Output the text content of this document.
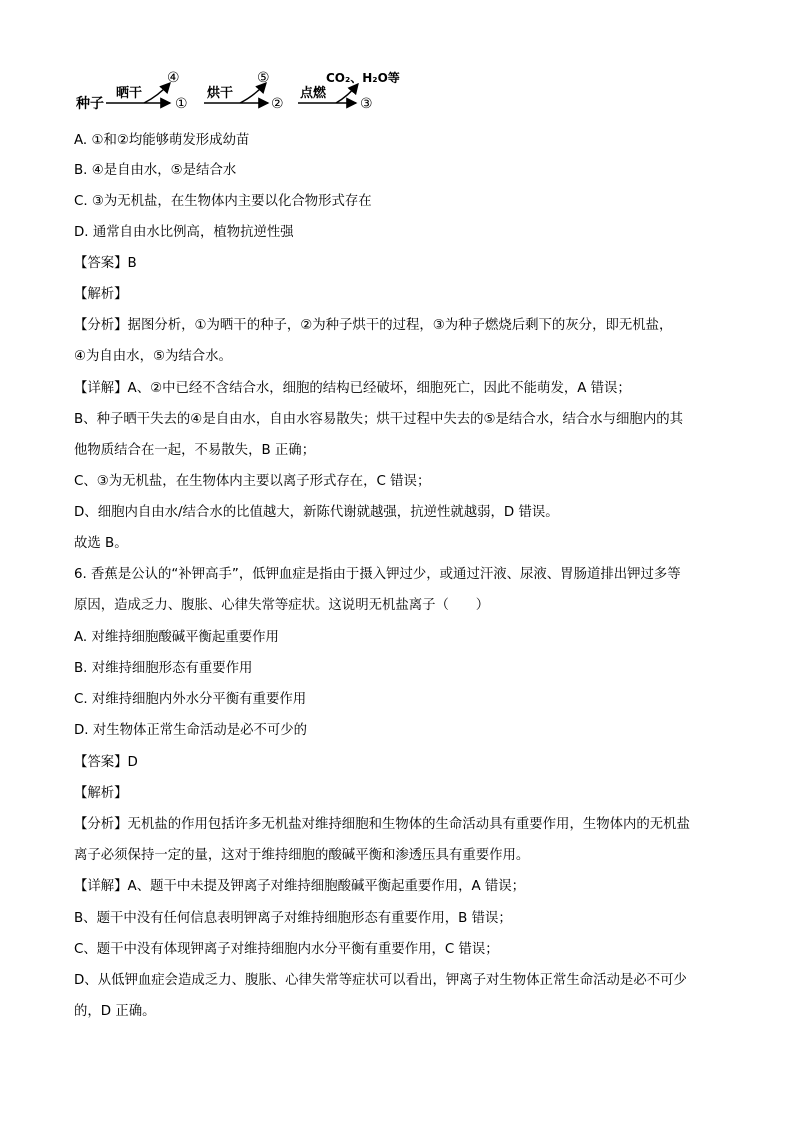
种子
晒干
④
①
烘干
⑤
②
点燃
CO₂、H₂O等
③
A. ①和②均能够萌发形成幼苗
B. ④是自由水，⑤是结合水
C. ③为无机盐，在生物体内主要以化合物形式存在
D. 通常自由水比例高，植物抗逆性强
【答案】B
【解析】
【分析】据图分析，①为晒干的种子，②为种子烘干的过程，③为种子燃烧后剩下的灰分，即无机盐，
④为自由水，⑤为结合水。
【详解】A、②中已经不含结合水，细胞的结构已经破坏，细胞死亡，因此不能萌发，A 错误；
B、种子晒干失去的④是自由水，自由水容易散失；烘干过程中失去的⑤是结合水，结合水与细胞内的其
他物质结合在一起，不易散失，B 正确；
C、③为无机盐，在生物体内主要以离子形式存在，C 错误；
D、细胞内自由水/结合水的比值越大，新陈代谢就越强，抗逆性就越弱，D 错误。
故选 B。
6. 香蕉是公认的“补钾高手”，低钾血症是指由于摄入钾过少，或通过汗液、尿液、胃肠道排出钾过多等
原因，造成乏力、腹胀、心律失常等症状。这说明无机盐离子（　　）
A. 对维持细胞酸碱平衡起重要作用
B. 对维持细胞形态有重要作用
C. 对维持细胞内外水分平衡有重要作用
D. 对生物体正常生命活动是必不可少的
【答案】D
【解析】
【分析】无机盐的作用包括许多无机盐对维持细胞和生物体的生命活动具有重要作用，生物体内的无机盐
离子必须保持一定的量，这对于维持细胞的酸碱平衡和渗透压具有重要作用。
【详解】A、题干中未提及钾离子对维持细胞酸碱平衡起重要作用，A 错误；
B、题干中没有任何信息表明钾离子对维持细胞形态有重要作用，B 错误；
C、题干中没有体现钾离子对维持细胞内水分平衡有重要作用，C 错误；
D、从低钾血症会造成乏力、腹胀、心律失常等症状可以看出，钾离子对生物体正常生命活动是必不可少
的，D 正确。
